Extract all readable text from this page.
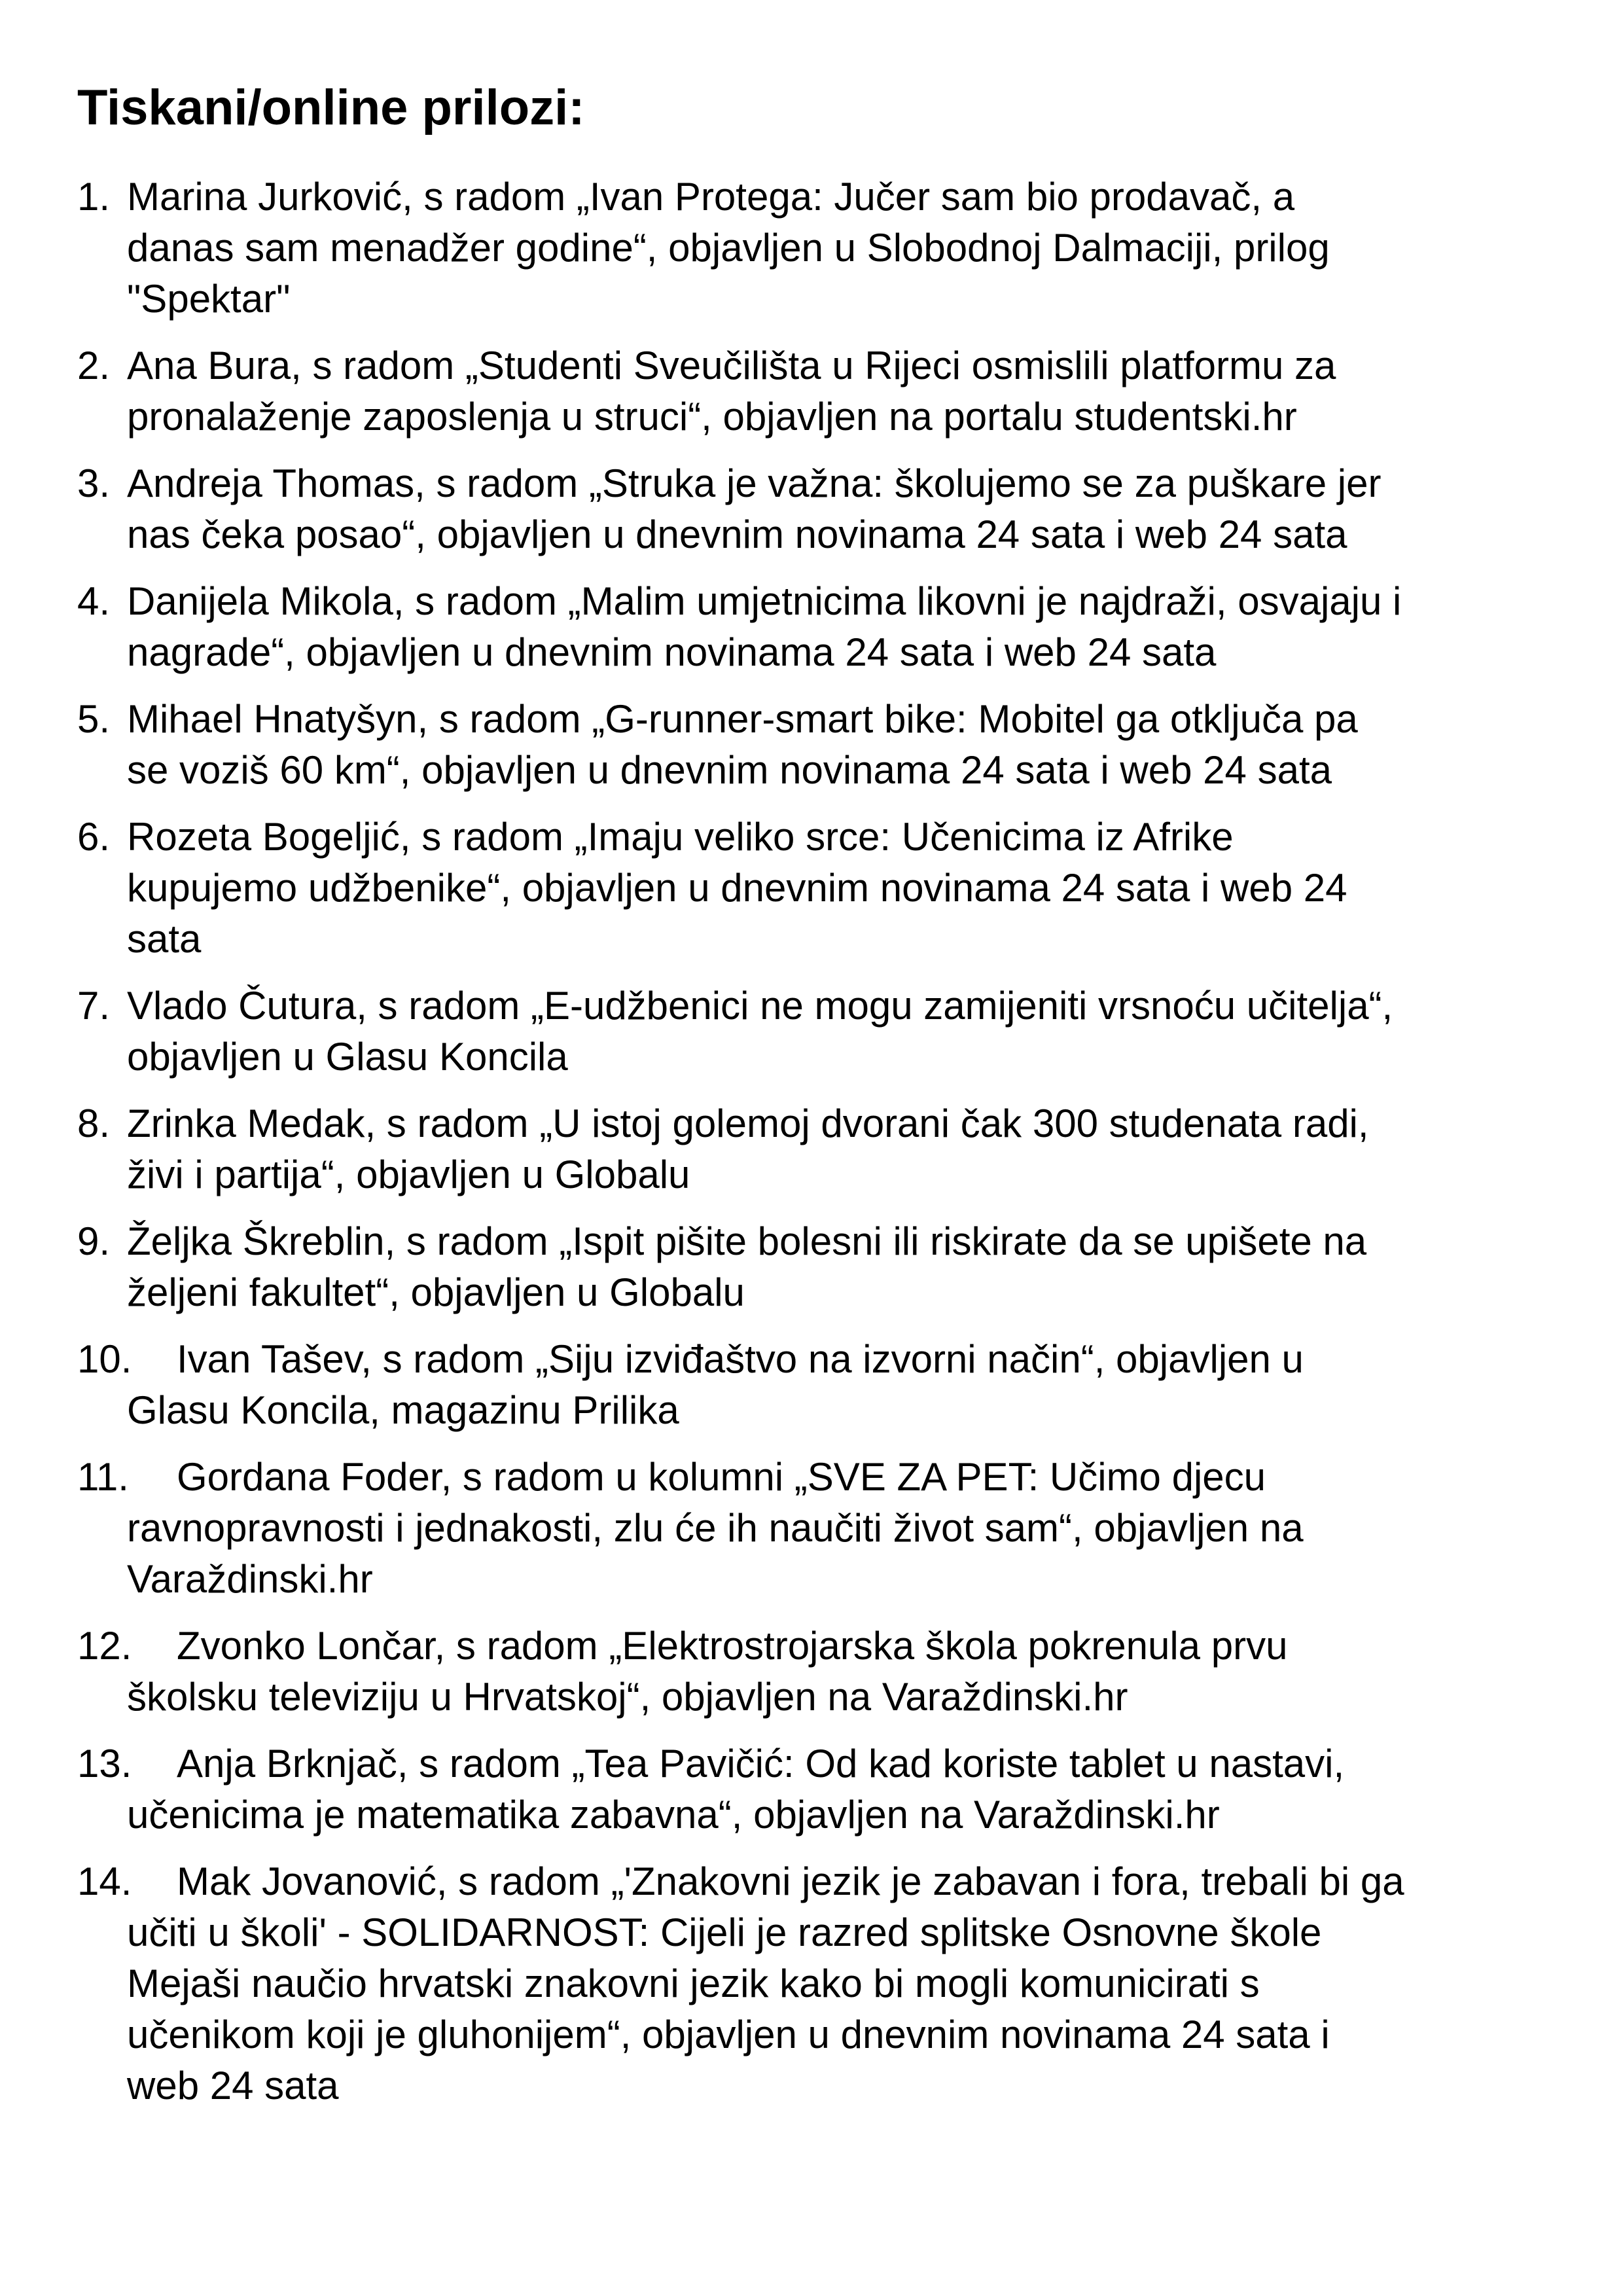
Tiskani/online prilozi:
1. Marina Jurković, s radom „Ivan Protega: Jučer sam bio prodavač, a
danas sam menadžer godine“, objavljen u Slobodnoj Dalmaciji, prilog
"Spektar"
2. Ana Bura, s radom „Studenti Sveučilišta u Rijeci osmislili platformu za
pronalaženje zaposlenja u struci“, objavljen na portalu studentski.hr
3. Andreja Thomas, s radom „Struka je važna: školujemo se za puškare jer
nas čeka posao“, objavljen u dnevnim novinama 24 sata i web 24 sata
4. Danijela Mikola, s radom „Malim umjetnicima likovni je najdraži, osvajaju i
nagrade“, objavljen u dnevnim novinama 24 sata i web 24 sata
5. Mihael Hnatyšyn, s radom „G-runner-smart bike: Mobitel ga otključa pa
se voziš 60 km“, objavljen u dnevnim novinama 24 sata i web 24 sata
6. Rozeta Bogeljić, s radom „Imaju veliko srce: Učenicima iz Afrike
kupujemo udžbenike“, objavljen u dnevnim novinama 24 sata i web 24
sata
7. Vlado Čutura, s radom „E-udžbenici ne mogu zamijeniti vrsnoću učitelja“,
objavljen u Glasu Koncila
8. Zrinka Medak, s radom „U istoj golemoj dvorani čak 300 studenata radi,
živi i partija“, objavljen u Globalu
9. Željka Škreblin, s radom „Ispit pišite bolesni ili riskirate da se upišete na
željeni fakultet“, objavljen u Globalu
10.	Ivan Tašev, s radom „Siju izviđaštvo na izvorni način“, objavljen u
Glasu Koncila, magazinu Prilika
11.	Gordana Foder, s radom u kolumni „SVE ZA PET: Učimo djecu
ravnopravnosti i jednakosti, zlu će ih naučiti život sam“, objavljen na
Varaždinski.hr
12.	Zvonko Lončar, s radom „Elektrostrojarska škola pokrenula prvu
školsku televiziju u Hrvatskoj“, objavljen na Varaždinski.hr
13.	Anja Brknjač, s radom „Tea Pavičić: Od kad koriste tablet u nastavi,
učenicima je matematika zabavna“, objavljen na Varaždinski.hr
14.	Mak Jovanović, s radom „'Znakovni jezik je zabavan i fora, trebali bi ga
učiti u školi' - SOLIDARNOST: Cijeli je razred splitske Osnovne škole
Mejaši naučio hrvatski znakovni jezik kako bi mogli komunicirati s
učenikom koji je gluhonijem“, objavljen u dnevnim novinama 24 sata i
web 24 sata
